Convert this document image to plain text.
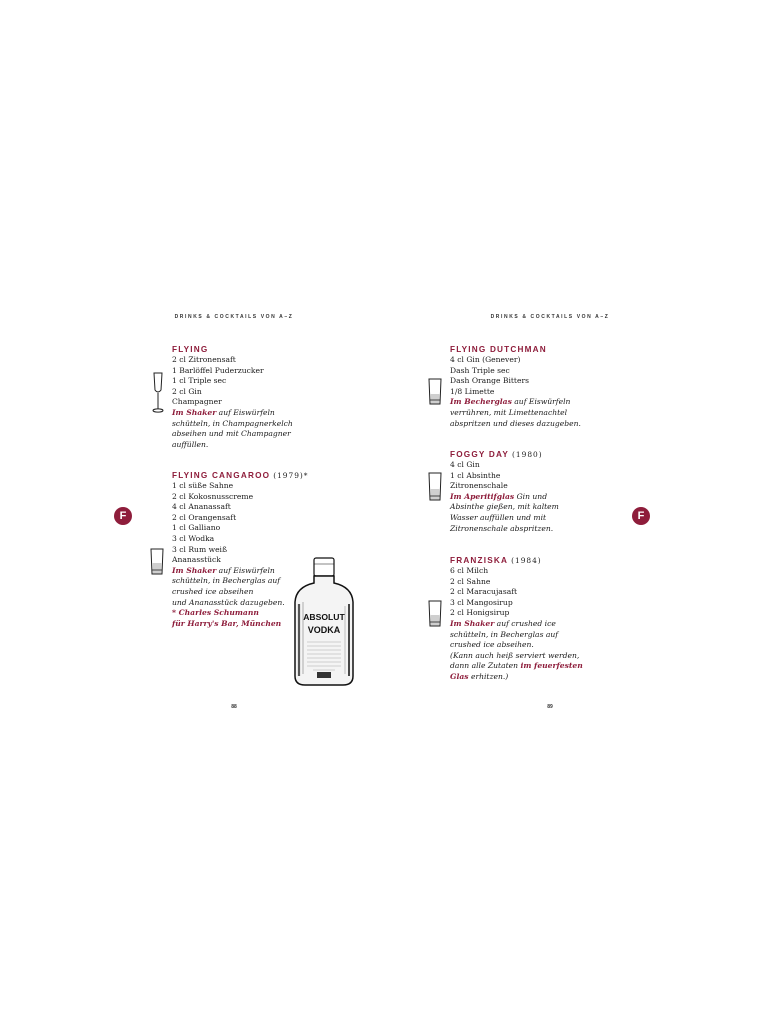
DRINKS & COCKTAILS VON A–Z
FLYING
2 cl Zitronensaft
1 Barlöffel Puderzucker
1 cl Triple sec
2 cl Gin
Champagner
Im Shaker auf Eiswürfeln
schütteln, in Champagnerkelch
abseihen und mit Champagner
auffüllen.
FLYING CANGAROO (1979)*
1 cl süße Sahne
2 cl Kokosnusscreme
4 cl Ananassaft
2 cl Orangensaft
1 cl Galliano
3 cl Wodka
3 cl Rum weiß
Ananasstück
Im Shaker auf Eiswürfeln
schütteln, in Becherglas auf
crushed ice abseihen
und Ananasstück dazugeben.
* Charles Schumann
für Harry's Bar, München
88
DRINKS & COCKTAILS VON A–Z
FLYING DUTCHMAN
4 cl Gin (Genever)
Dash Triple sec
Dash Orange Bitters
1/8 Limette
Im Becherglas auf Eiswürfeln
verrühren, mit Limettenachtel
abspritzen und dieses dazugeben.
FOGGY DAY (1980)
4 cl Gin
1 cl Absinthe
Zitronenschale
Im Aperitifglas Gin und
Absinthe gießen, mit kaltem
Wasser auffüllen und mit
Zitronenschale abspritzen.
FRANZISKA (1984)
6 cl Milch
2 cl Sahne
2 cl Maracujasaft
3 cl Mangosirup
2 cl Honigsirup
Im Shaker auf crushed ice
schütteln, in Becherglas auf
crushed ice abseihen.
(Kann auch heiß serviert werden,
dann alle Zutaten im feuerfesten
Glas erhitzen.)
89
F	F
ABSOLUT
VODKA
